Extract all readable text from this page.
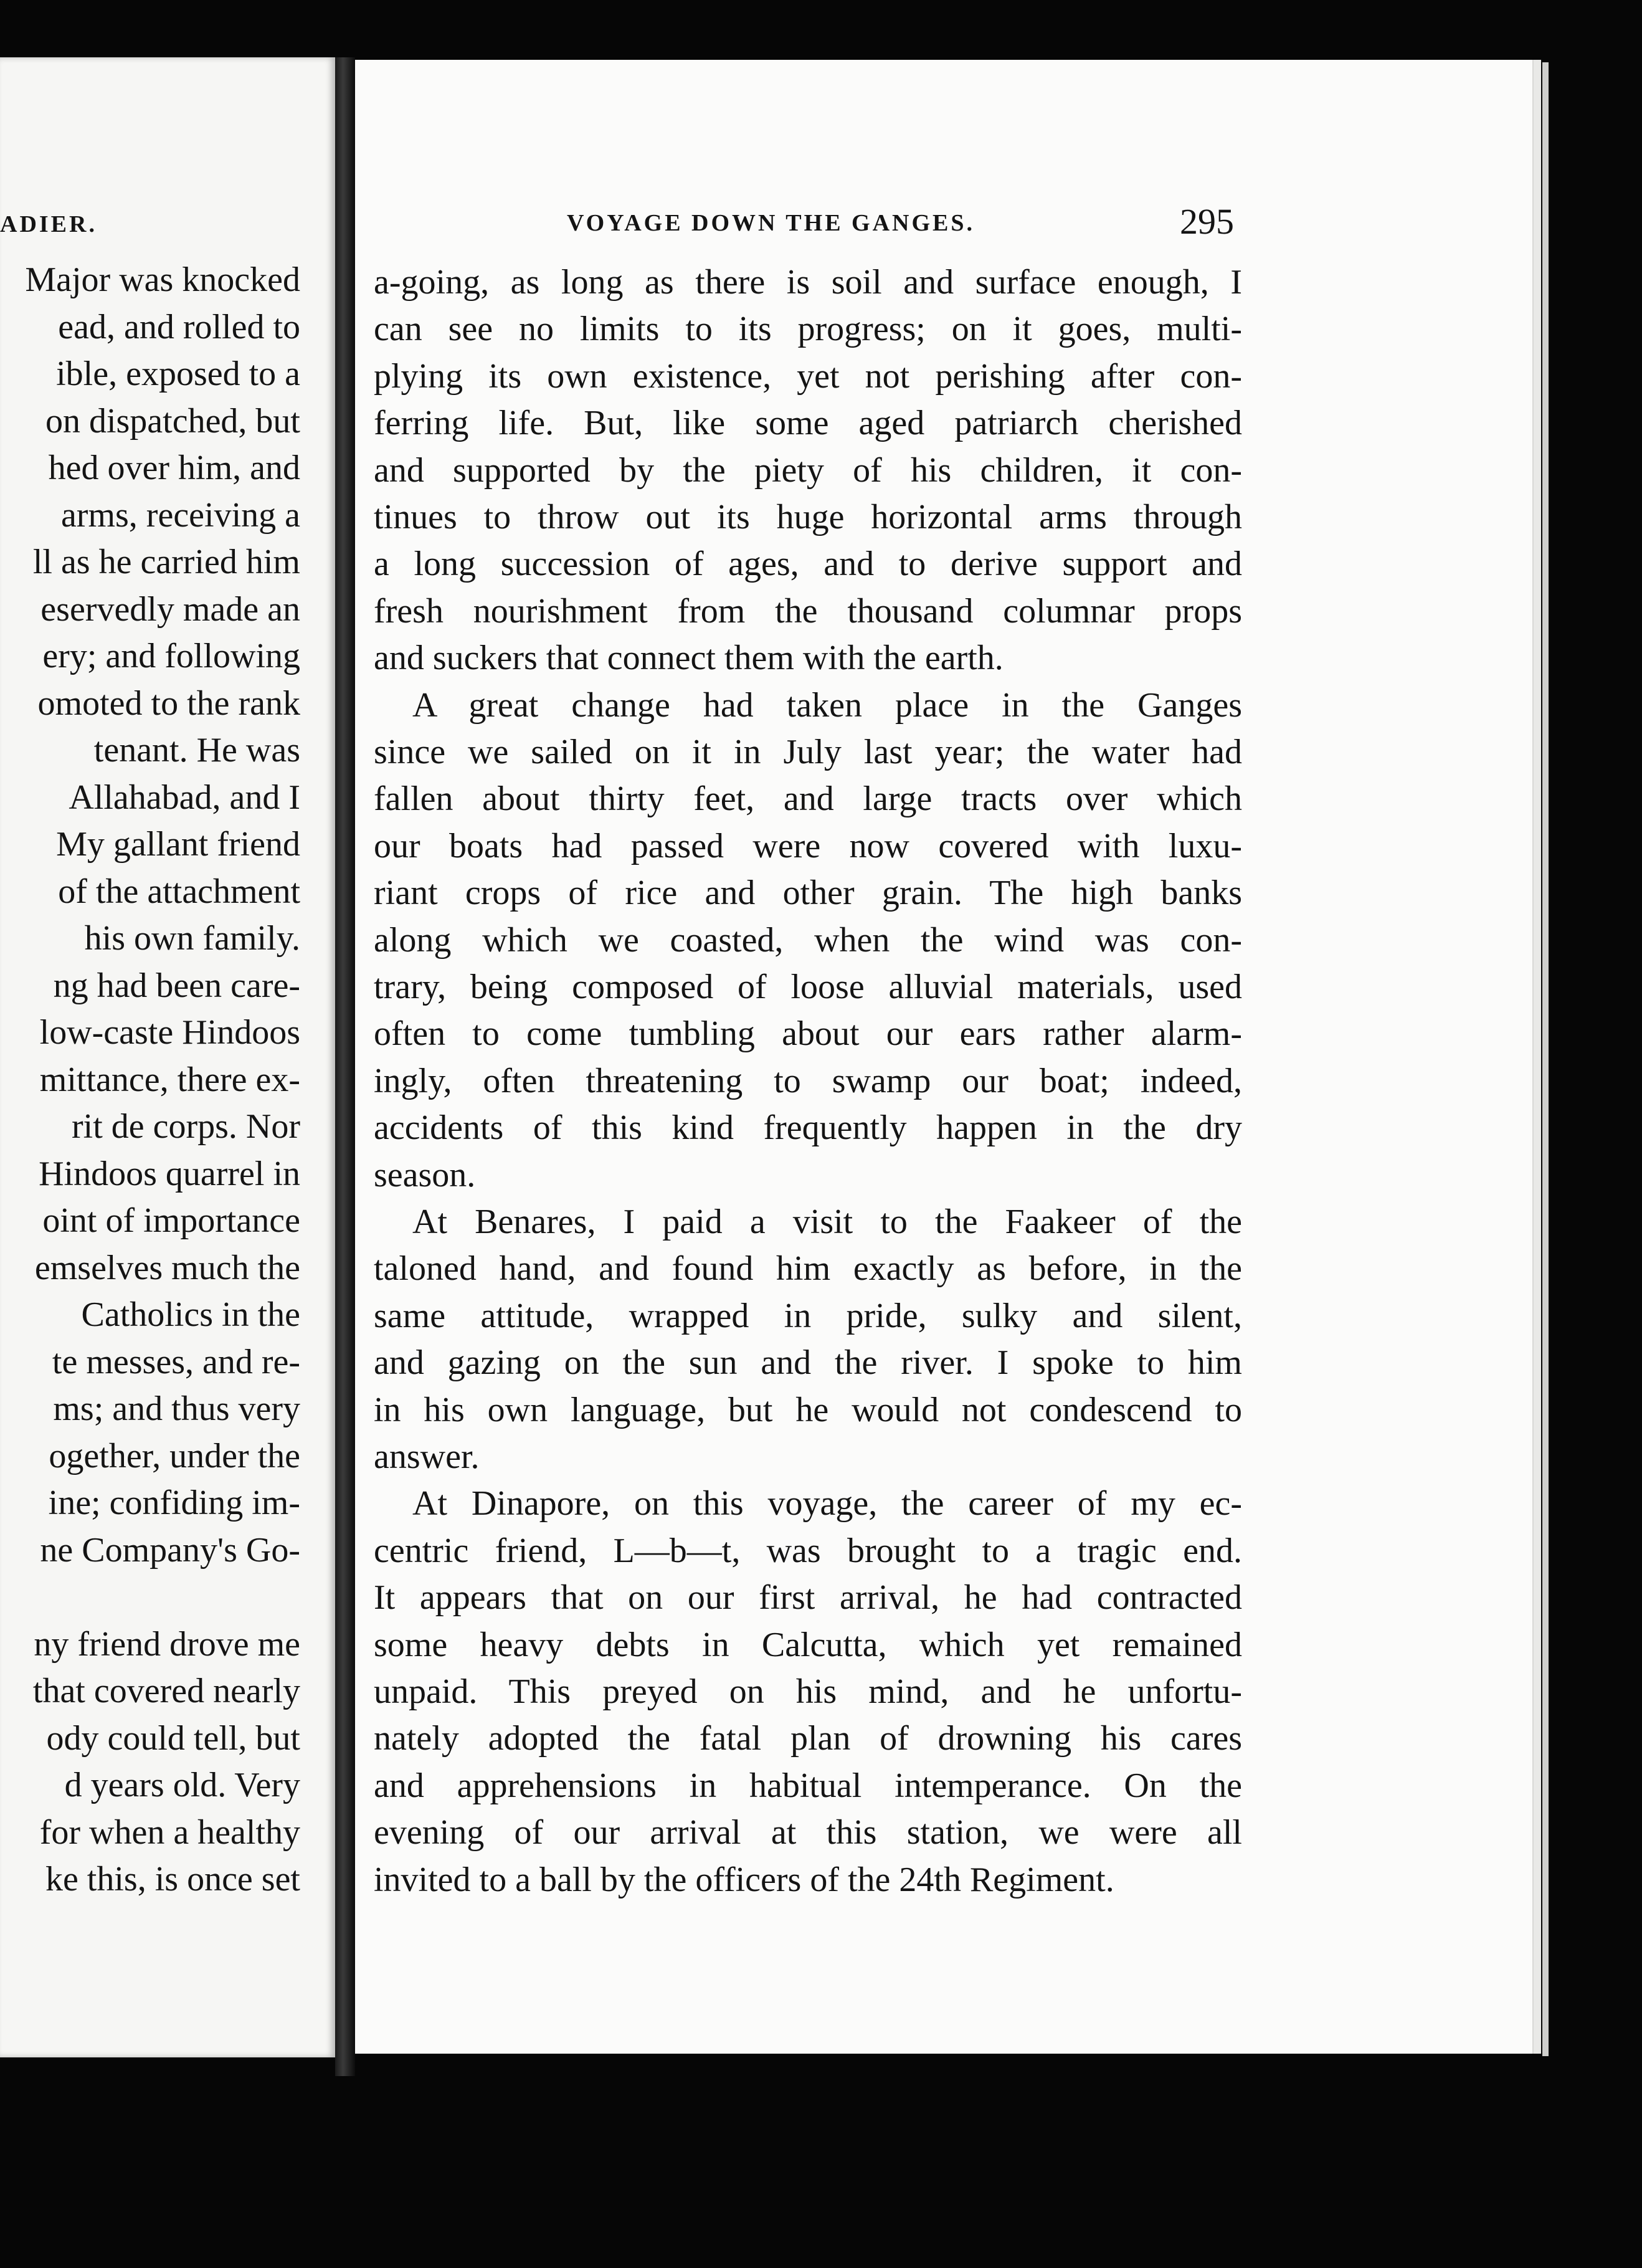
ADIER.
Major was knocked
ead, and rolled to
ible, exposed to a
on dispatched, but
hed over him, and
arms, receiving a
ll as he carried him
eservedly made an
ery; and following
omoted to the rank
tenant. He was
Allahabad, and I
My gallant friend
of the attachment
his own family.
ng had been care-
low-caste Hindoos
mittance, there ex-
rit de corps. Nor
Hindoos quarrel in
oint of importance
emselves much the
Catholics in the
te messes, and re-
ms; and thus very
ogether, under the
ine; confiding im-
ne Company's Go-
ny friend drove me
that covered nearly
ody could tell, but
d years old. Very
for when a healthy
ke this, is once set
VOYAGE DOWN THE GANGES.	295
a-going, as long as there is soil and surface enough, I
can see no limits to its progress; on it goes, multi-
plying its own existence, yet not perishing after con-
ferring life. But, like some aged patriarch cherished
and supported by the piety of his children, it con-
tinues to throw out its huge horizontal arms through
a long succession of ages, and to derive support and
fresh nourishment from the thousand columnar props
and suckers that connect them with the earth.
A great change had taken place in the Ganges
since we sailed on it in July last year; the water had
fallen about thirty feet, and large tracts over which
our boats had passed were now covered with luxu-
riant crops of rice and other grain. The high banks
along which we coasted, when the wind was con-
trary, being composed of loose alluvial materials, used
often to come tumbling about our ears rather alarm-
ingly, often threatening to swamp our boat; indeed,
accidents of this kind frequently happen in the dry
season.
At Benares, I paid a visit to the Faakeer of the
taloned hand, and found him exactly as before, in the
same attitude, wrapped in pride, sulky and silent,
and gazing on the sun and the river. I spoke to him
in his own language, but he would not condescend to
answer.
At Dinapore, on this voyage, the career of my ec-
centric friend, L—b—t, was brought to a tragic end.
It appears that on our first arrival, he had contracted
some heavy debts in Calcutta, which yet remained
unpaid. This preyed on his mind, and he unfortu-
nately adopted the fatal plan of drowning his cares
and apprehensions in habitual intemperance. On the
evening of our arrival at this station, we were all
invited to a ball by the officers of the 24th Regiment.
